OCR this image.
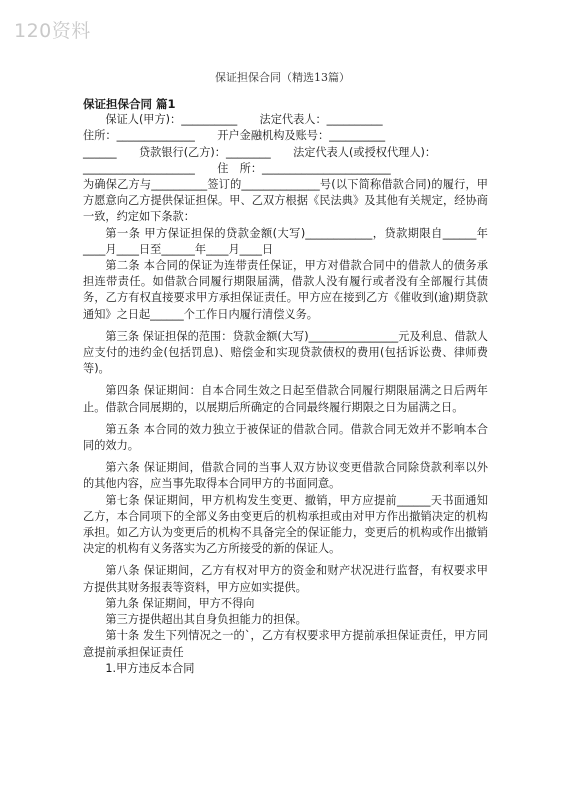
120资料
保证担保合同（精选13篇）

保证担保合同 篇1

　　保证人(甲方)：__________　　法定代表人：__________

住所：______________　　开户金融机构及账号：__________

______　　贷款银行(乙方)：________　　法定代表人(或授权代理人)：

____________________　　住　所：_______________________

为确保乙方与__________签订的______________号(以下简称借款合同)的履行，甲方愿意向乙方提供保证担保。甲、乙双方根据《民法典》及其他有关规定，经协商一致，约定如下条款：

第一条 甲方保证担保的贷款金额(大写)____________，贷款期限自______年____月____日至______年____月____日

第二条 本合同的保证为连带责任保证，甲方对借款合同中的借款人的债务承担连带责任。如借款合同履行期限届满，借款人没有履行或者没有全部履行其债务，乙方有权直接要求甲方承担保证责任。甲方应在接到乙方《催收到(逾)期贷款通知》之日起______个工作日内履行清偿义务。

第三条 保证担保的范围：贷款金额(大写)________________元及利息、借款人应支付的违约金(包括罚息)、赔偿金和实现贷款债权的费用(包括诉讼费、律师费等)。

第四条 保证期间：自本合同生效之日起至借款合同履行期限届满之日后两年止。借款合同展期的，以展期后所确定的合同最终履行期限之日为届满之日。

第五条 本合同的效力独立于被保证的借款合同。借款合同无效并不影响本合同的效力。

第六条 保证期间，借款合同的当事人双方协议变更借款合同除贷款利率以外的其他内容，应当事先取得本合同甲方的书面同意。

第七条 保证期间，甲方机构发生变更、撤销，甲方应提前______天书面通知乙方，本合同项下的全部义务由变更后的机构承担或由对甲方作出撤销决定的机构承担。如乙方认为变更后的机构不具备完全的保证能力，变更后的机构或作出撤销决定的机构有义务落实为乙方所接受的新的保证人。

第八条 保证期间，乙方有权对甲方的资金和财产状况进行监督，有权要求甲方提供其财务报表等资料，甲方应如实提供。

第九条 保证期间，甲方不得向

第三方提供超出其自身负担能力的担保。

第十条 发生下列情况之一的`，乙方有权要求甲方提前承担保证责任，甲方同意提前承担保证责任

1.甲方违反本合同
